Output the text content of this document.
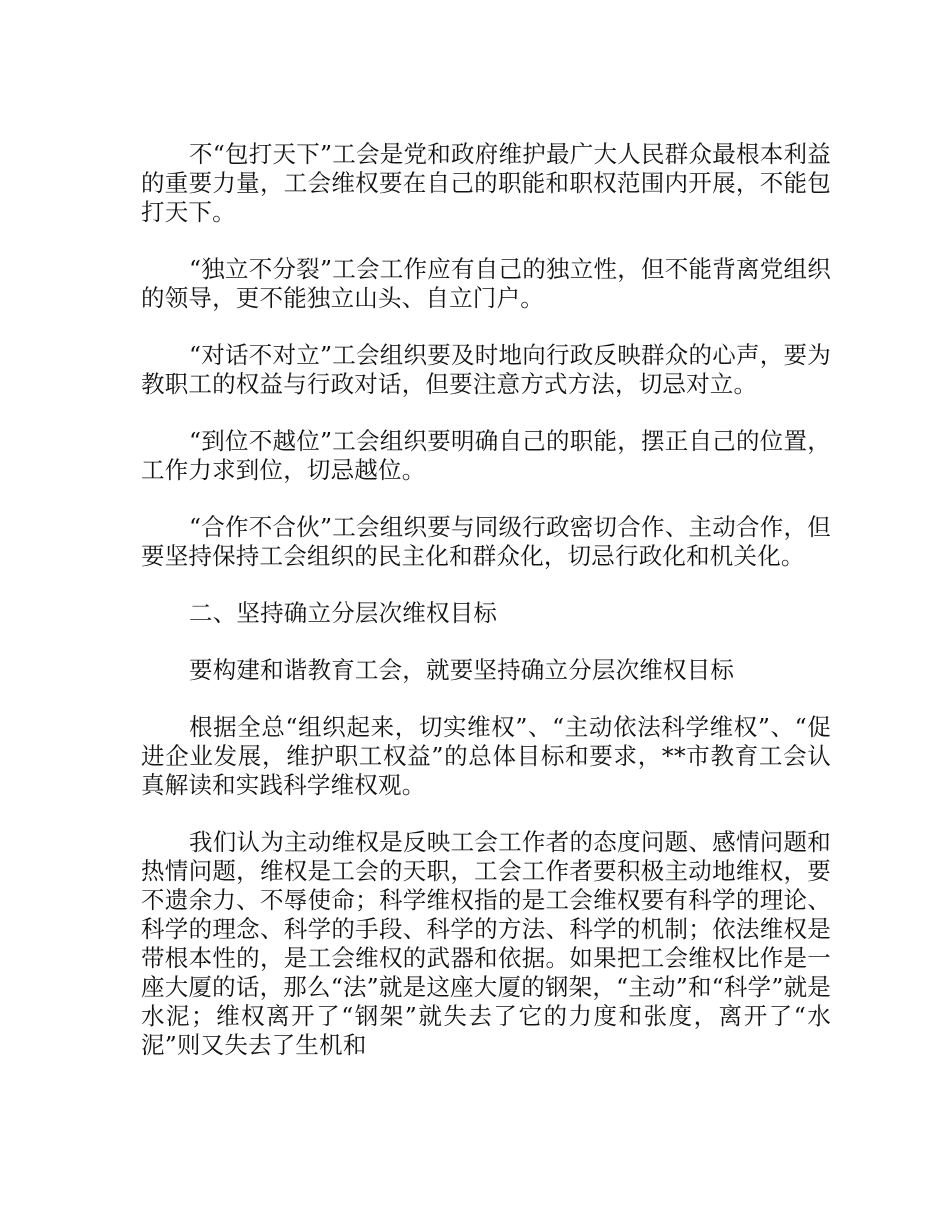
不“包打天下”工会是党和政府维护最广大人民群众最根本利益的重要力量，工会维权要在自己的职能和职权范围内开展，不能包打天下。

“独立不分裂”工会工作应有自己的独立性，但不能背离党组织的领导，更不能独立山头、自立门户。

“对话不对立”工会组织要及时地向行政反映群众的心声，要为教职工的权益与行政对话，但要注意方式方法，切忌对立。

“到位不越位”工会组织要明确自己的职能，摆正自己的位置，工作力求到位，切忌越位。

“合作不合伙”工会组织要与同级行政密切合作、主动合作，但要坚持保持工会组织的民主化和群众化，切忌行政化和机关化。

二、坚持确立分层次维权目标

要构建和谐教育工会，就要坚持确立分层次维权目标

根据全总“组织起来，切实维权”、“主动依法科学维权”、“促进企业发展，维护职工权益”的总体目标和要求，**市教育工会认真解读和实践科学维权观。

我们认为主动维权是反映工会工作者的态度问题、感情问题和热情问题，维权是工会的天职，工会工作者要积极主动地维权，要不遗余力、不辱使命；科学维权指的是工会维权要有科学的理论、科学的理念、科学的手段、科学的方法、科学的机制；依法维权是带根本性的，是工会维权的武器和依据。如果把工会维权比作是一座大厦的话，那么“法”就是这座大厦的钢架，“主动”和“科学”就是水泥；维权离开了“钢架”就失去了它的力度和张度，离开了“水泥”则又失去了生机和
